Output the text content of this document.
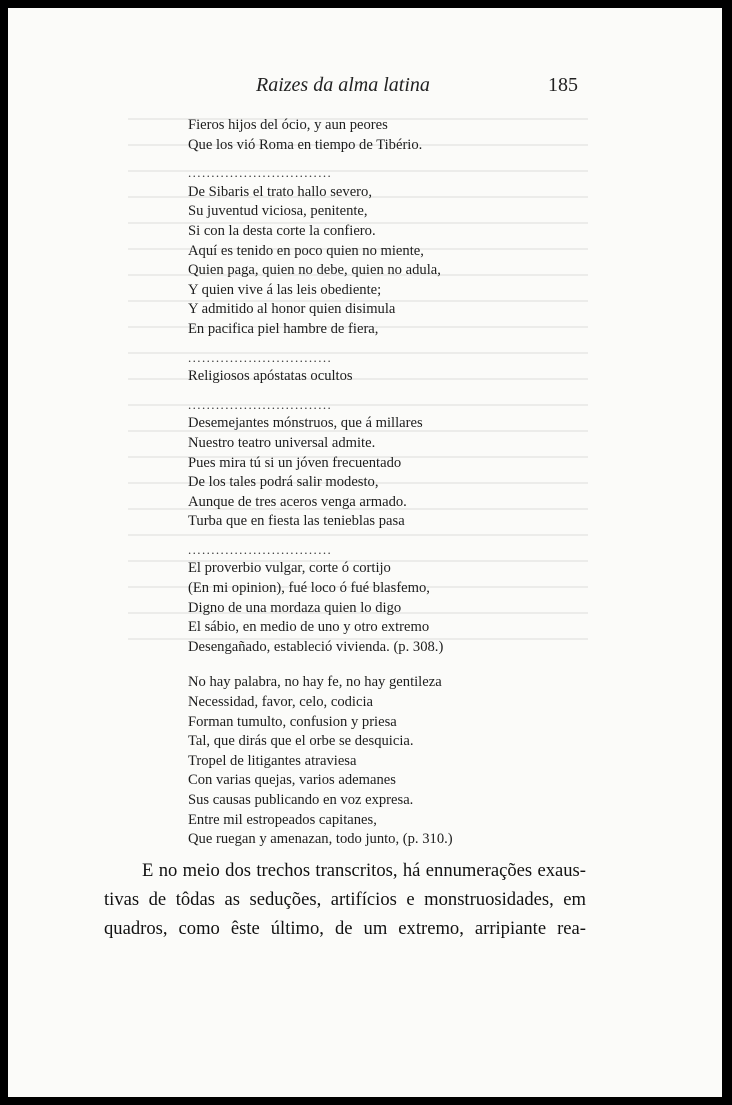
Raizes da alma latina	185
Fieros hijos del ócio, y aun peores
Que los vió Roma en tiempo de Tibério.
...............................
De Sibaris el trato hallo severo,
Su juventud viciosa, penitente,
Si con la desta corte la confiero.
Aquí es tenido en poco quien no miente,
Quien paga, quien no debe, quien no adula,
Y quien vive á las leis obediente;
Y admitido al honor quien disimula
En pacifica piel hambre de fiera,
...............................
Religiosos apóstatas ocultos
...............................
Desemejantes mónstruos, que á millares
Nuestro teatro universal admite.
Pues mira tú si un jóven frecuentado
De los tales podrá salir modesto,
Aunque de tres aceros venga armado.
Turba que en fiesta las tenieblas pasa
...............................
El proverbio vulgar, corte ó cortijo
(En mi opinion), fué loco ó fué blasfemo,
Digno de una mordaza quien lo digo
El sábio, en medio de uno y otro extremo
Desengañado, estableció vivienda. (p. 308.)
No hay palabra, no hay fe, no hay gentileza
Necessidad, favor, celo, codicia
Forman tumulto, confusion y priesa
Tal, que dirás que el orbe se desquicia.
Tropel de litigantes atraviesa
Con varias quejas, varios ademanes
Sus causas publicando en voz expresa.
Entre mil estropeados capitanes,
Que ruegan y amenazan, todo junto, (p. 310.)
E no meio dos trechos transcritos, há ennumerações exaus-
tivas de tôdas as seduções, artifícios e monstruosidades, em
quadros, como êste último, de um extremo, arripiante rea-
